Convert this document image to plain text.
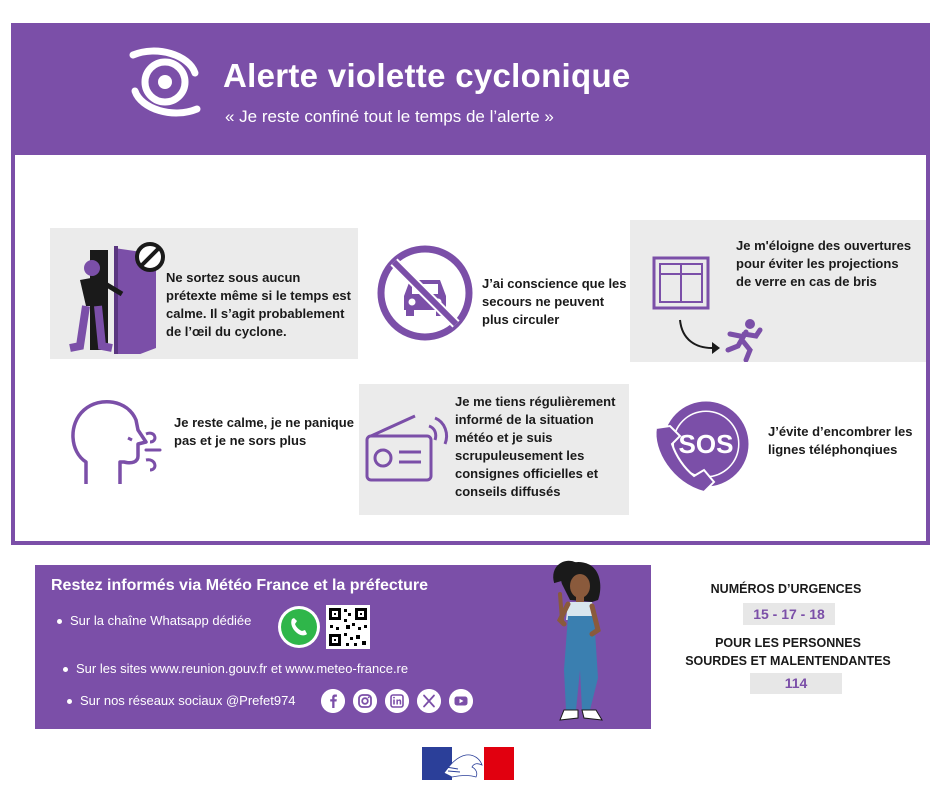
Alerte violette cyclonique
« Je reste confiné tout le temps de l’alerte »
Ne sortez sous aucun prétexte même si le temps est calme. Il s’agit probablement de l’œil du cyclone.
J’ai conscience que les secours ne peuvent plus circuler
Je m'éloigne des ouvertures pour éviter les projections de verre en cas de bris
Je reste calme, je ne panique pas et je ne sors plus
Je me tiens régulièrement informé de la situation météo et je suis scrupuleusement les consignes officielles et conseils diffusés
SOS	J’évite d’encombrer les lignes téléphonqiues
Restez informés via Météo France et la préfecture
Sur la chaîne Whatsapp dédiée
Sur les sites www.reunion.gouv.fr et www.meteo-france.re
Sur nos réseaux sociaux @Prefet974
NUMÉROS D’URGENCES
15 - 17 - 18
POUR LES PERSONNES
SOURDES ET MALENTENDANTES
114
